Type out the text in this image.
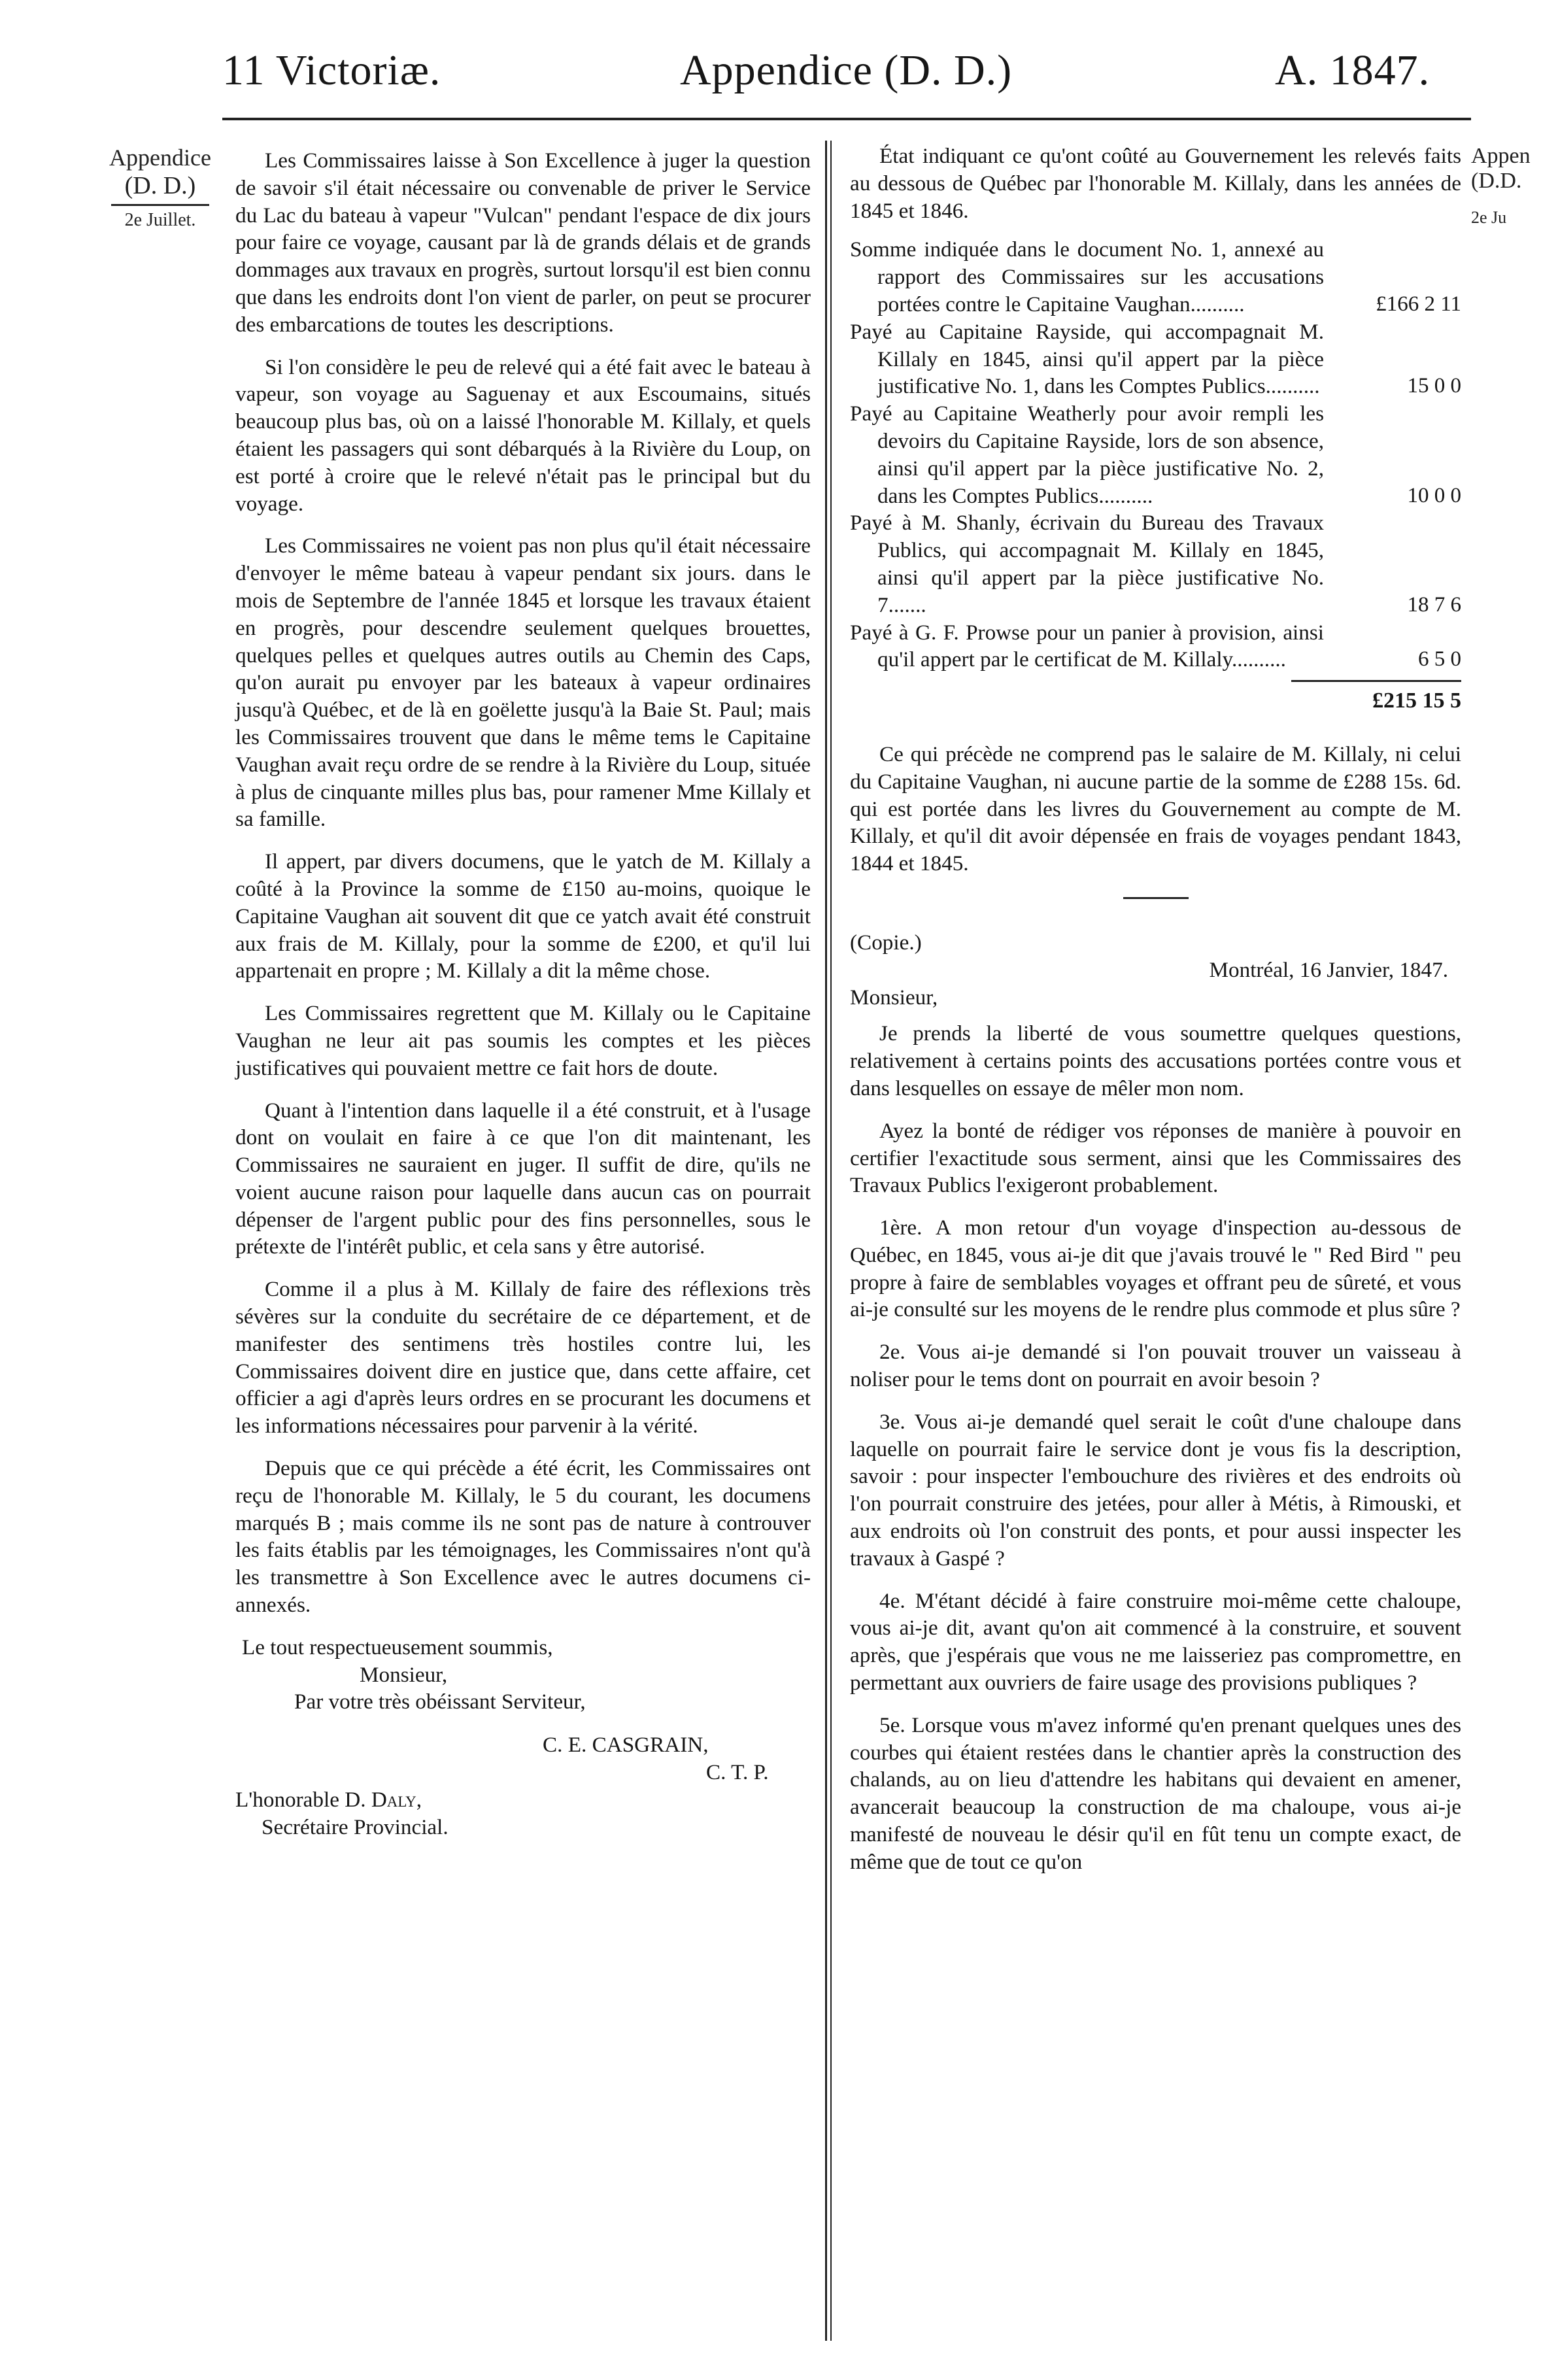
11 Victoriæ.	Appendice (D. D.)	A. 1847.
Appendice
(D. D.)
2e Juillet.

Les Commissaires laisse à Son Excellence à juger la question de savoir s'il était nécessaire ou convenable de priver le Service du Lac du bateau à vapeur "Vulcan" pendant l'espace de dix jours pour faire ce voyage, causant par là de grands délais et de grands dommages aux travaux en progrès, surtout lorsqu'il est bien connu que dans les endroits dont l'on vient de parler, on peut se procurer des embarcations de toutes les descriptions.

Si l'on considère le peu de relevé qui a été fait avec le bateau à vapeur, son voyage au Saguenay et aux Escoumains, situés beaucoup plus bas, où on a laissé l'honorable M. Killaly, et quels étaient les passagers qui sont débarqués à la Rivière du Loup, on est porté à croire que le relevé n'était pas le principal but du voyage.

Les Commissaires ne voient pas non plus qu'il était nécessaire d'envoyer le même bateau à vapeur pendant six jours. dans le mois de Septembre de l'année 1845 et lorsque les travaux étaient en progrès, pour descendre seulement quelques brouettes, quelques pelles et quelques autres outils au Chemin des Caps, qu'on aurait pu envoyer par les bateaux à vapeur ordinaires jusqu'à Québec, et de là en goëlette jusqu'à la Baie St. Paul; mais les Commissaires trouvent que dans le même tems le Capitaine Vaughan avait reçu ordre de se rendre à la Rivière du Loup, située à plus de cinquante milles plus bas, pour ramener Mme Killaly et sa famille.

Il appert, par divers documens, que le yatch de M. Killaly a coûté à la Province la somme de £150 au-moins, quoique le Capitaine Vaughan ait souvent dit que ce yatch avait été construit aux frais de M. Killaly, pour la somme de £200, et qu'il lui appartenait en propre ; M. Killaly a dit la même chose.

Les Commissaires regrettent que M. Killaly ou le Capitaine Vaughan ne leur ait pas soumis les comptes et les pièces justificatives qui pouvaient mettre ce fait hors de doute.

Quant à l'intention dans laquelle il a été construit, et à l'usage dont on voulait en faire à ce que l'on dit maintenant, les Commissaires ne sauraient en juger. Il suffit de dire, qu'ils ne voient aucune raison pour laquelle dans aucun cas on pourrait dépenser de l'argent public pour des fins personnelles, sous le prétexte de l'intérêt public, et cela sans y être autorisé.

Comme il a plus à M. Killaly de faire des réflexions très sévères sur la conduite du secrétaire de ce département, et de manifester des sentimens très hostiles contre lui, les Commissaires doivent dire en justice que, dans cette affaire, cet officier a agi d'après leurs ordres en se procurant les documens et les informations nécessaires pour parvenir à la vérité.

Depuis que ce qui précède a été écrit, les Commissaires ont reçu de l'honorable M. Killaly, le 5 du courant, les documens marqués B ; mais comme ils ne sont pas de nature à controuver les faits établis par les témoignages, les Commissaires n'ont qu'à les transmettre à Son Excellence avec le autres documens ci-annexés.

Le tout respectueusement soummis,
Monsieur,
Par votre très obéissant Serviteur,
C. E. CASGRAIN,
C. T. P.
L'honorable D. Daly,
Secrétaire Provincial.

État indiquant ce qu'ont coûté au Gouvernement les relevés faits au dessous de Québec par l'honorable M. Killaly, dans les années de 1845 et 1846.

Somme indiquée dans le document No. 1, annexé au rapport des Commissaires sur les accusations portées contre le Capitaine Vaughan..........	£166 2 11
Payé au Capitaine Rayside, qui accompagnait M. Killaly en 1845, ainsi qu'il appert par la pièce justificative No. 1, dans les Comptes Publics..........	15 0 0
Payé au Capitaine Weatherly pour avoir rempli les devoirs du Capitaine Rayside, lors de son absence, ainsi qu'il appert par la pièce justificative No. 2, dans les Comptes Publics..........	10 0 0
Payé à M. Shanly, écrivain du Bureau des Travaux Publics, qui accompagnait M. Killaly en 1845, ainsi qu'il appert par la pièce justificative No. 7.......	18 7 6
Payé à G. F. Prowse pour un panier à provision, ainsi qu'il appert par le certificat de M. Killaly..........	6 5 0
£215 15 5

Ce qui précède ne comprend pas le salaire de M. Killaly, ni celui du Capitaine Vaughan, ni aucune partie de la somme de £288 15s. 6d. qui est portée dans les livres du Gouvernement au compte de M. Killaly, et qu'il dit avoir dépensée en frais de voyages pendant 1843, 1844 et 1845.

(Copie.)

Montréal, 16 Janvier, 1847.

Monsieur,

Je prends la liberté de vous soumettre quelques questions, relativement à certains points des accusations portées contre vous et dans lesquelles on essaye de mêler mon nom.

Ayez la bonté de rédiger vos réponses de manière à pouvoir en certifier l'exactitude sous serment, ainsi que les Commissaires des Travaux Publics l'exigeront probablement.

1ère. A mon retour d'un voyage d'inspection au-dessous de Québec, en 1845, vous ai-je dit que j'avais trouvé le " Red Bird " peu propre à faire de semblables voyages et offrant peu de sûreté, et vous ai-je consulté sur les moyens de le rendre plus commode et plus sûre ?

2e. Vous ai-je demandé si l'on pouvait trouver un vaisseau à noliser pour le tems dont on pourrait en avoir besoin ?

3e. Vous ai-je demandé quel serait le coût d'une chaloupe dans laquelle on pourrait faire le service dont je vous fis la description, savoir : pour inspecter l'embouchure des rivières et des endroits où l'on pourrait construire des jetées, pour aller à Métis, à Rimouski, et aux endroits où l'on construit des ponts, et pour aussi inspecter les travaux à Gaspé ?

4e. M'étant décidé à faire construire moi-même cette chaloupe, vous ai-je dit, avant qu'on ait commencé à la construire, et souvent après, que j'espérais que vous ne me laisseriez pas compromettre, en permettant aux ouvriers de faire usage des provisions publiques ?

5e. Lorsque vous m'avez informé qu'en prenant quelques unes des courbes qui étaient restées dans le chantier après la construction des chalands, au on lieu d'attendre les habitans qui devaient en amener, avancerait beaucoup la construction de ma chaloupe, vous ai-je manifesté de nouveau le désir qu'il en fût tenu un compte exact, de même que de tout ce qu'on

Appen
(D.D.
2e Ju
